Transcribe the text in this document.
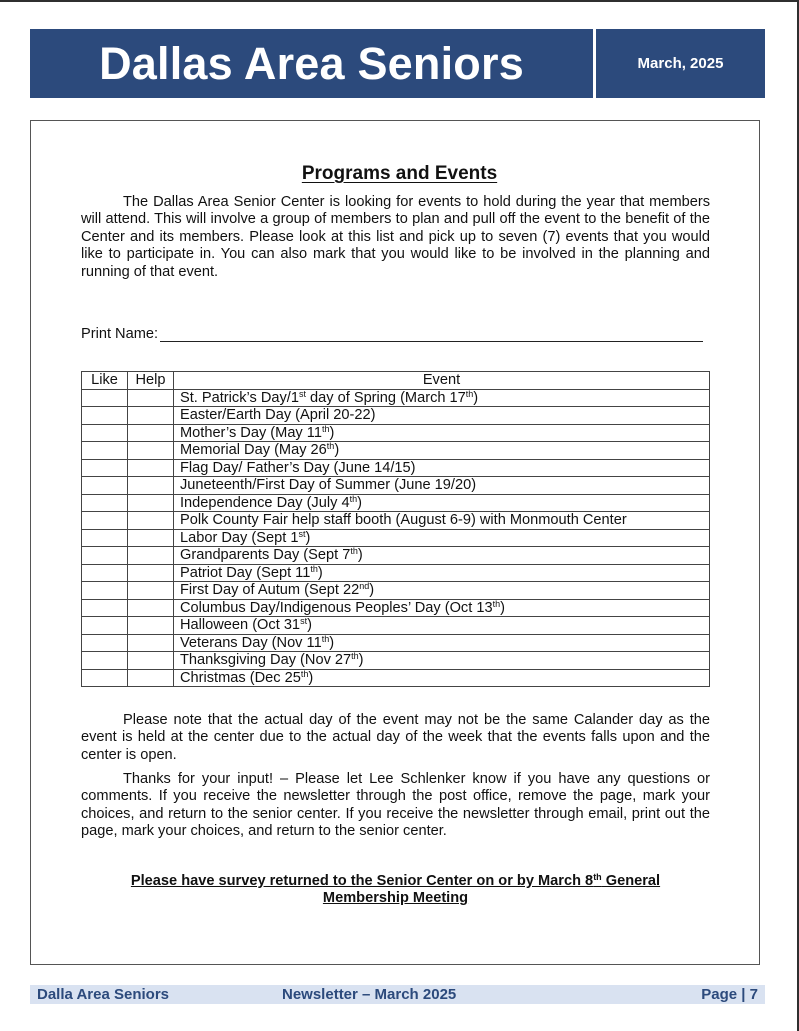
Dallas Area Seniors	March, 2025
Programs and Events
The Dallas Area Senior Center is looking for events to hold during the year that members will attend. This will involve a group of members to plan and pull off the event to the benefit of the Center and its members. Please look at this list and pick up to seven (7) events that you would like to participate in. You can also mark that you would like to be involved in the planning and running of that event.
Print Name:
Like	Help	Event
		St. Patrick’s Day/1st day of Spring (March 17th)
		Easter/Earth Day (April 20-22)
		Mother’s Day (May 11th)
		Memorial Day (May 26th)
		Flag Day/ Father’s Day (June 14/15)
		Juneteenth/First Day of Summer (June 19/20)
		Independence Day (July 4th)
		Polk County Fair help staff booth (August 6-9) with Monmouth Center
		Labor Day (Sept 1st)
		Grandparents Day (Sept 7th)
		Patriot Day (Sept 11th)
		First Day of Autum (Sept 22nd)
		Columbus Day/Indigenous Peoples’ Day (Oct 13th)
		Halloween (Oct 31st)
		Veterans Day (Nov 11th)
		Thanksgiving Day (Nov 27th)
		Christmas (Dec 25th)
Please note that the actual day of the event may not be the same Calander day as the event is held at the center due to the actual day of the week that the events falls upon and the center is open.
Thanks for your input! – Please let Lee Schlenker know if you have any questions or comments. If you receive the newsletter through the post office, remove the page, mark your choices, and return to the senior center. If you receive the newsletter through email, print out the page, mark your choices, and return to the senior center.
Please have survey returned to the Senior Center on or by March 8th General
Membership Meeting
Dalla Area Seniors	Newsletter – March 2025	Page | 7
